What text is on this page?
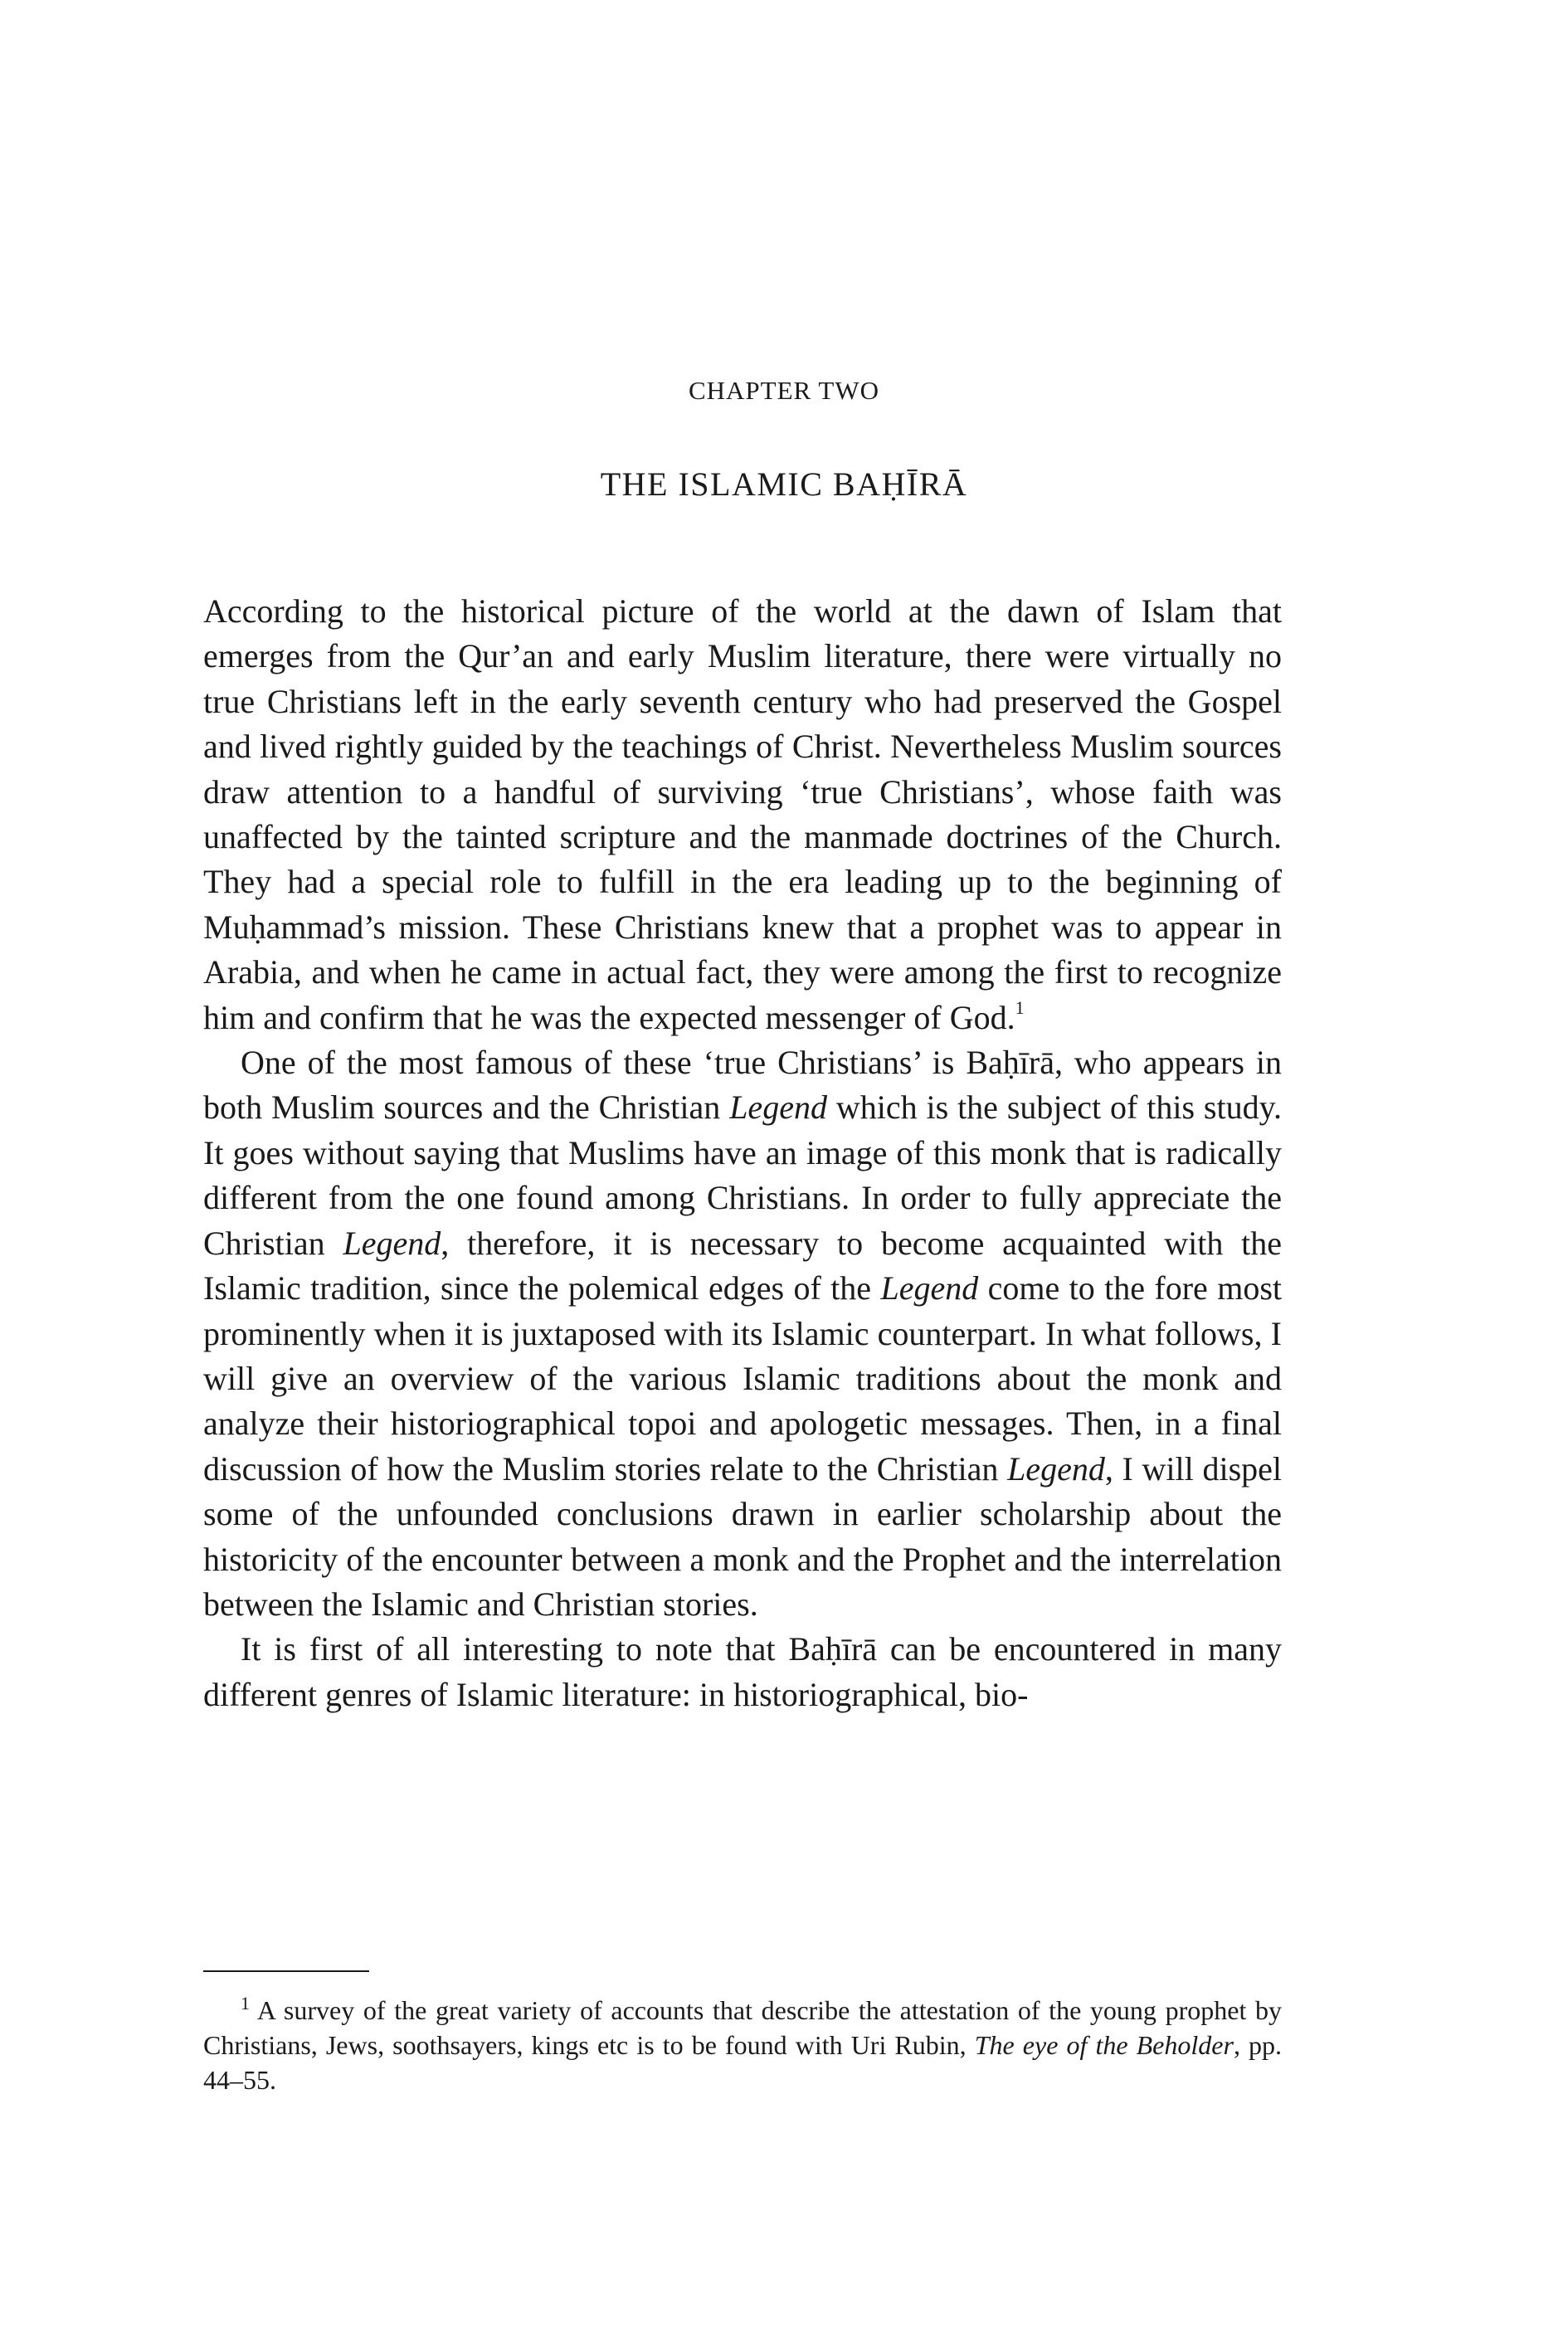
CHAPTER TWO
THE ISLAMIC BAḤĪRĀ

According to the historical picture of the world at the dawn of Islam that emerges from the Qur’an and early Muslim literature, there were virtually no true Christians left in the early seventh century who had preserved the Gospel and lived rightly guided by the teachings of Christ. Nevertheless Muslim sources draw attention to a handful of surviving ‘true Christians’, whose faith was unaffected by the tainted scripture and the manmade doctrines of the Church. They had a special role to fulfill in the era leading up to the beginning of Muḥammad’s mission. These Christians knew that a prophet was to appear in Arabia, and when he came in actual fact, they were among the first to recognize him and confirm that he was the expected messenger of God.$^1$

One of the most famous of these ‘true Christians’ is Baḥīrā, who appears in both Muslim sources and the Christian Legend which is the subject of this study. It goes without saying that Muslims have an image of this monk that is radically different from the one found among Christians. In order to fully appreciate the Christian Legend, therefore, it is necessary to become acquainted with the Islamic tradition, since the polemical edges of the Legend come to the fore most prominently when it is juxtaposed with its Islamic counterpart. In what follows, I will give an overview of the various Islamic traditions about the monk and analyze their historiographical topoi and apologetic messages. Then, in a final discussion of how the Muslim stories relate to the Christian Legend, I will dispel some of the unfounded conclusions drawn in earlier scholarship about the historicity of the encounter between a monk and the Prophet and the interrelation between the Islamic and Christian stories.

It is first of all interesting to note that Baḥīrā can be encountered in many different genres of Islamic literature: in historiographical, bio-

$^1$ A survey of the great variety of accounts that describe the attestation of the young prophet by Christians, Jews, soothsayers, kings etc is to be found with Uri Rubin, The eye of the Beholder, pp. 44–55.
